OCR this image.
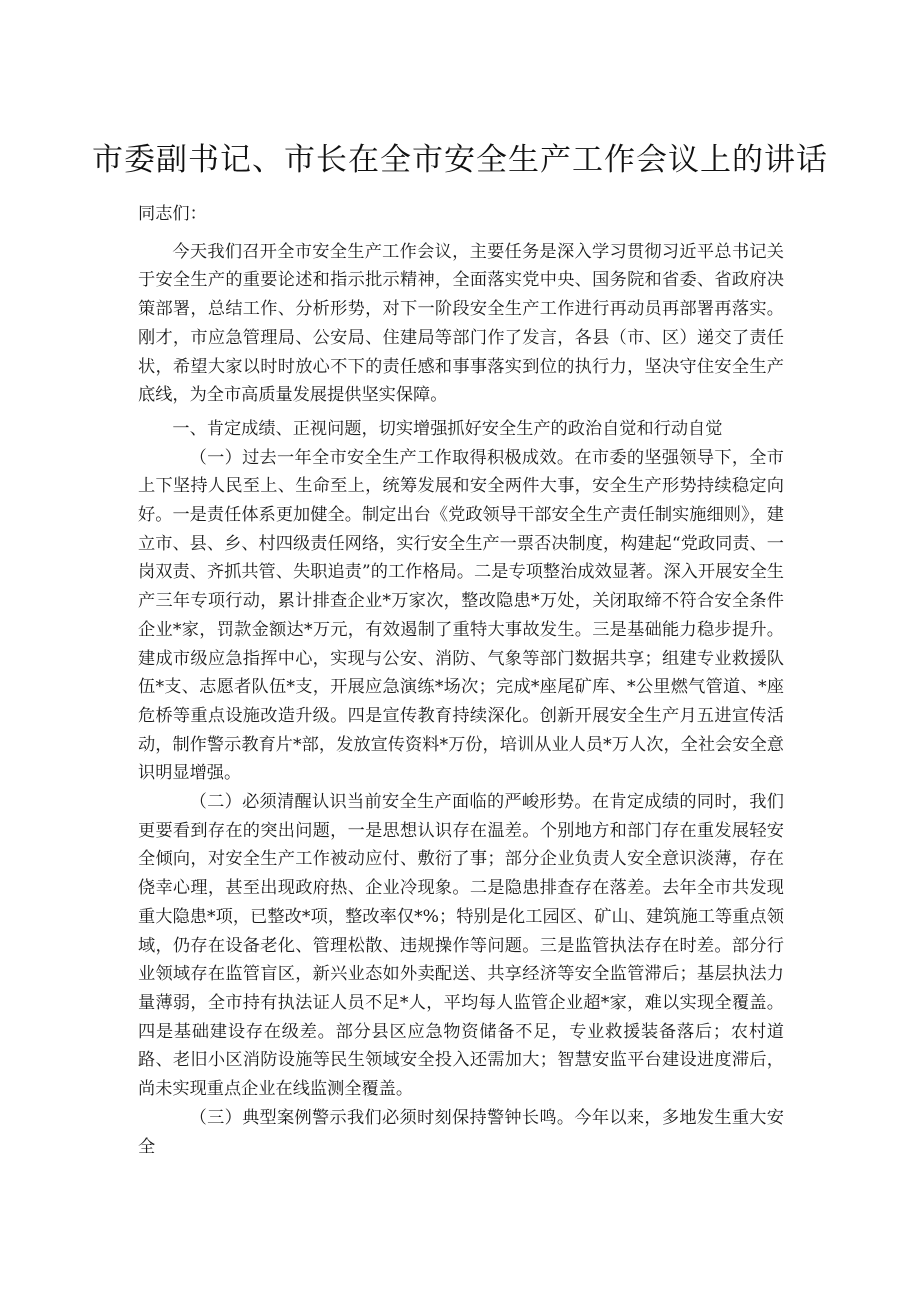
市委副书记、市长在全市安全生产工作会议上的讲话

同志们：

今天我们召开全市安全生产工作会议，主要任务是深入学习贯彻习近平总书记关于安全生产的重要论述和指示批示精神，全面落实党中央、国务院和省委、省政府决策部署，总结工作、分析形势，对下一阶段安全生产工作进行再动员再部署再落实。刚才，市应急管理局、公安局、住建局等部门作了发言，各县（市、区）递交了责任状，希望大家以时时放心不下的责任感和事事落实到位的执行力，坚决守住安全生产底线，为全市高质量发展提供坚实保障。

一、肯定成绩、正视问题，切实增强抓好安全生产的政治自觉和行动自觉

（一）过去一年全市安全生产工作取得积极成效。在市委的坚强领导下，全市上下坚持人民至上、生命至上，统筹发展和安全两件大事，安全生产形势持续稳定向好。一是责任体系更加健全。制定出台《党政领导干部安全生产责任制实施细则》，建立市、县、乡、村四级责任网络，实行安全生产一票否决制度，构建起“党政同责、一岗双责、齐抓共管、失职追责”的工作格局。二是专项整治成效显著。深入开展安全生产三年专项行动，累计排查企业*万家次，整改隐患*万处，关闭取缔不符合安全条件企业*家，罚款金额达*万元，有效遏制了重特大事故发生。三是基础能力稳步提升。建成市级应急指挥中心，实现与公安、消防、气象等部门数据共享；组建专业救援队伍*支、志愿者队伍*支，开展应急演练*场次；完成*座尾矿库、*公里燃气管道、*座危桥等重点设施改造升级。四是宣传教育持续深化。创新开展安全生产月五进宣传活动，制作警示教育片*部，发放宣传资料*万份，培训从业人员*万人次，全社会安全意识明显增强。

（二）必须清醒认识当前安全生产面临的严峻形势。在肯定成绩的同时，我们更要看到存在的突出问题，一是思想认识存在温差。个别地方和部门存在重发展轻安全倾向，对安全生产工作被动应付、敷衍了事；部分企业负责人安全意识淡薄，存在侥幸心理，甚至出现政府热、企业冷现象。二是隐患排查存在落差。去年全市共发现重大隐患*项，已整改*项，整改率仅*%；特别是化工园区、矿山、建筑施工等重点领域，仍存在设备老化、管理松散、违规操作等问题。三是监管执法存在时差。部分行业领域存在监管盲区，新兴业态如外卖配送、共享经济等安全监管滞后；基层执法力量薄弱，全市持有执法证人员不足*人，平均每人监管企业超*家，难以实现全覆盖。四是基础建设存在级差。部分县区应急物资储备不足，专业救援装备落后；农村道路、老旧小区消防设施等民生领域安全投入还需加大；智慧安监平台建设进度滞后，尚未实现重点企业在线监测全覆盖。

（三）典型案例警示我们必须时刻保持警钟长鸣。今年以来，多地发生重大安全
